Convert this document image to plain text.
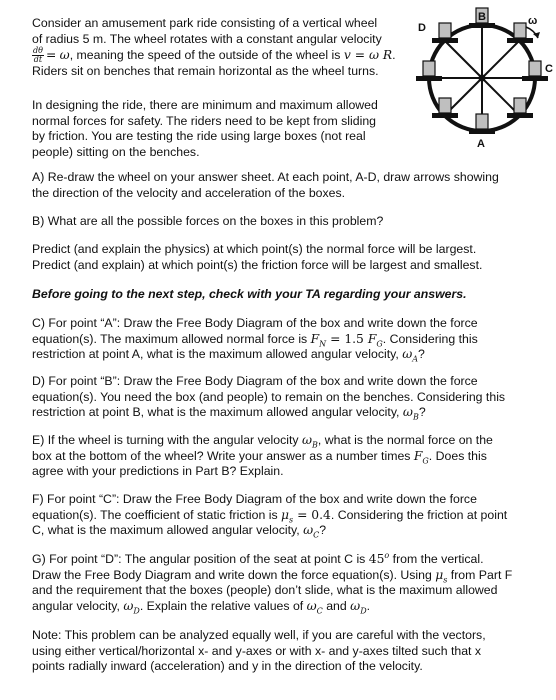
Consider an amusement park ride consisting of a vertical wheel
of radius 5 m. The wheel rotates with a constant angular velocity
$\frac{d\theta}{dt} = \omega$, meaning the speed of the outside of the wheel is v = ω R.
Riders sit on benches that remain horizontal as the wheel turns.
In designing the ride, there are minimum and maximum allowed
normal forces for safety. The riders need to be kept from sliding
by friction. You are testing the ride using large boxes (not real
people) sitting on the benches.
A) Re-draw the wheel on your answer sheet. At each point, A-D, draw arrows showing
the direction of the velocity and acceleration of the boxes.
B) What are all the possible forces on the boxes in this problem?
Predict (and explain the physics) at which point(s) the normal force will be largest.
Predict (and explain) at which point(s) the friction force will be largest and smallest.
Before going to the next step, check with your TA regarding your answers.
C) For point “A”: Draw the Free Body Diagram of the box and write down the force
equation(s). The maximum allowed normal force is $F_N = 1.5$ $F_G$. Considering this
restriction at point A, what is the maximum allowed angular velocity, $\omega_A$?
D) For point “B”: Draw the Free Body Diagram of the box and write down the force
equation(s). You need the box (and people) to remain on the benches. Considering this
restriction at point B, what is the maximum allowed angular velocity, $\omega_B$?
E) If the wheel is turning with the angular velocity $\omega_B$, what is the normal force on the
box at the bottom of the wheel? Write your answer as a number times $F_G$. Does this
agree with your predictions in Part B? Explain.
F) For point “C”: Draw the Free Body Diagram of the box and write down the force
equation(s). The coefficient of static friction is $\mu_s = 0.4$. Considering the friction at point
C, what is the maximum allowed angular velocity, $\omega_C$?
G) For point “D”: The angular position of the seat at point C is 45$^o$ from the vertical.
Draw the Free Body Diagram and write down the force equation(s). Using $\mu_s$ from Part F
and the requirement that the boxes (people) don’t slide, what is the maximum allowed
angular velocity, $\omega_D$. Explain the relative values of $\omega_C$ and $\omega_D$.
Note: This problem can be analyzed equally well, if you are careful with the vectors,
using either vertical/horizontal x- and y-axes or with x- and y-axes tilted such that x
points radially inward (acceleration) and y in the direction of the velocity.
B
D
C
A
ω
